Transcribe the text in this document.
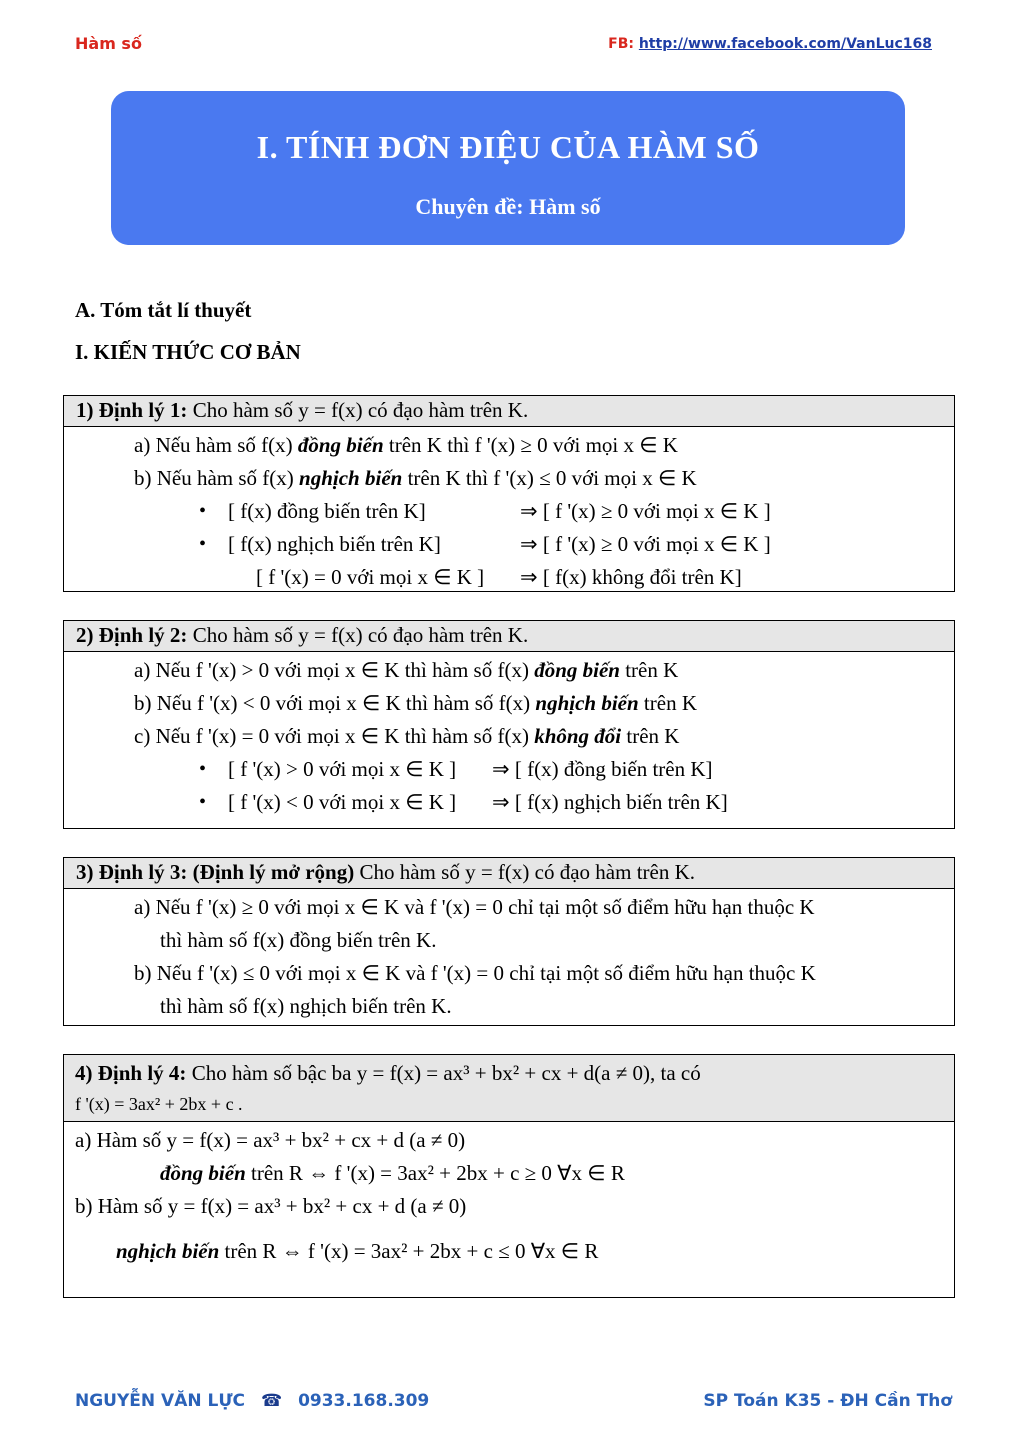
Hàm số	FB: http://www.facebook.com/VanLuc168
I. TÍNH ĐƠN ĐIỆU CỦA HÀM SỐ
Chuyên đề: Hàm số
A. Tóm tắt lí thuyết
I. KIẾN THỨC CƠ BẢN
1) Định lý 1: Cho hàm số y = f(x) có đạo hàm trên K.
a) Nếu hàm số f(x) đồng biến trên K thì f '(x) ≥ 0 với mọi x ∈ K
b) Nếu hàm số f(x) nghịch biến trên K thì f '(x) ≤ 0 với mọi x ∈ K
• [ f(x) đồng biến trên K]	⇒ [ f '(x) ≥ 0 với mọi x ∈ K ]
• [ f(x) nghịch biến trên K]	⇒ [ f '(x) ≥ 0 với mọi x ∈ K ]
[ f '(x) = 0 với mọi x ∈ K ] ⇒ [ f(x) không đổi trên K]
2) Định lý 2: Cho hàm số y = f(x) có đạo hàm trên K.
a) Nếu f '(x) > 0 với mọi x ∈ K thì hàm số f(x) đồng biến trên K
b) Nếu f '(x) < 0 với mọi x ∈ K thì hàm số f(x) nghịch biến trên K
c) Nếu f '(x) = 0 với mọi x ∈ K thì hàm số f(x) không đổi trên K
• [ f '(x) > 0 với mọi x ∈ K ] ⇒ [ f(x) đồng biến trên K]
• [ f '(x) < 0 với mọi x ∈ K ] ⇒ [ f(x) nghịch biến trên K]
3) Định lý 3: (Định lý mở rộng) Cho hàm số y = f(x) có đạo hàm trên K.
a) Nếu f '(x) ≥ 0 với mọi x ∈ K và f '(x) = 0 chỉ tại một số điểm hữu hạn thuộc K
thì hàm số f(x) đồng biến trên K.
b) Nếu f '(x) ≤ 0 với mọi x ∈ K và f '(x) = 0 chỉ tại một số điểm hữu hạn thuộc K
thì hàm số f(x) nghịch biến trên K.
4) Định lý 4: Cho hàm số bậc ba y = f(x) = ax³ + bx² + cx + d(a ≠ 0), ta có
f '(x) = 3ax² + 2bx + c .
a) Hàm số y = f(x) = ax³ + bx² + cx + d (a ≠ 0)
đồng biến trên R ⇔ f '(x) = 3ax² + 2bx + c ≥ 0 ∀x ∈ R
b) Hàm số y = f(x) = ax³ + bx² + cx + d (a ≠ 0)
nghịch biến trên R ⇔ f '(x) = 3ax² + 2bx + c ≤ 0 ∀x ∈ R
NGUYỄN VĂN LỰC ☎ 0933.168.309	SP Toán K35 - ĐH Cần Thơ
